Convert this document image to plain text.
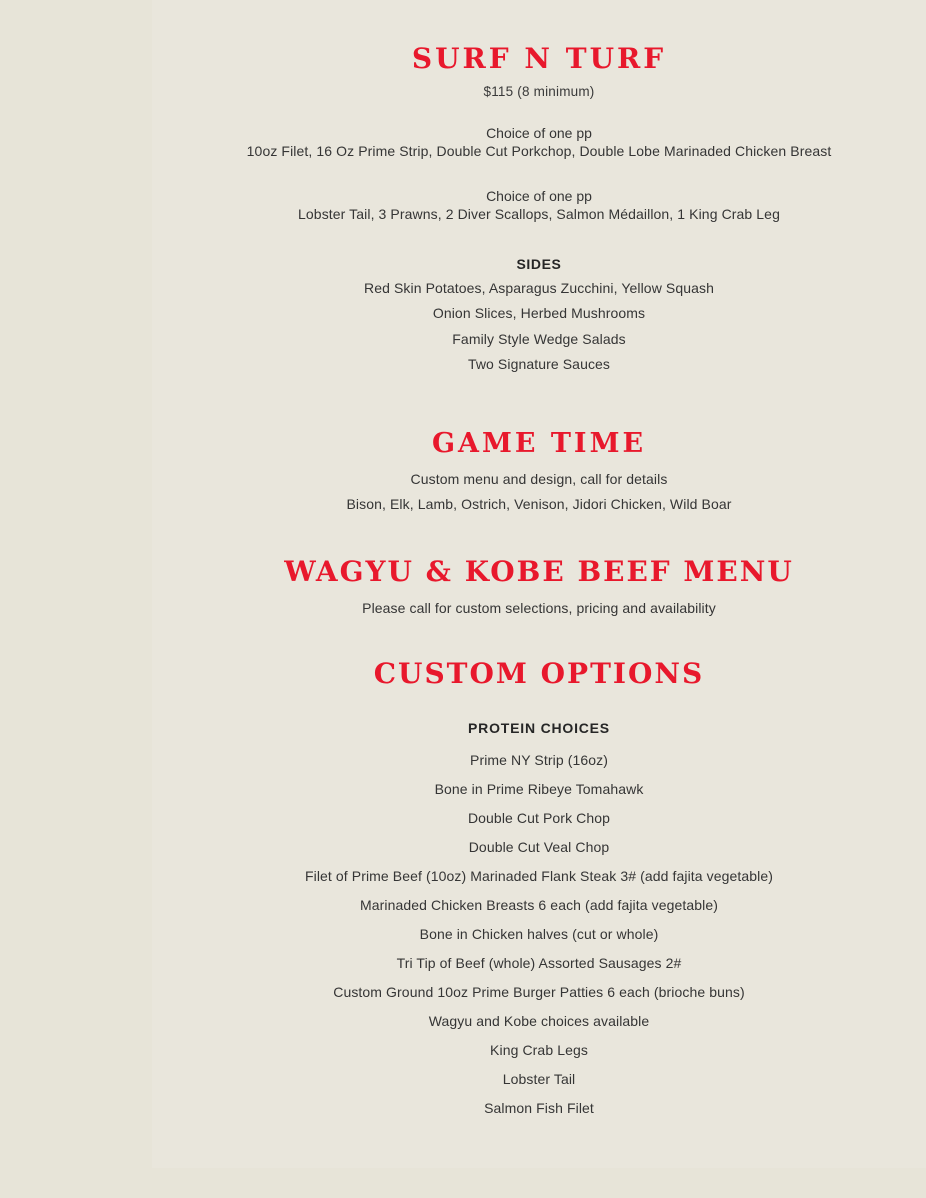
SURF N TURF
$115 (8 minimum)
Choice of one pp
10oz Filet, 16 Oz Prime Strip, Double Cut Porkchop, Double Lobe Marinaded Chicken Breast
Choice of one pp
Lobster Tail, 3 Prawns, 2 Diver Scallops, Salmon Médaillon, 1 King Crab Leg
SIDES
Red Skin Potatoes, Asparagus Zucchini, Yellow Squash
Onion Slices, Herbed Mushrooms
Family Style Wedge Salads
Two Signature Sauces
GAME TIME
Custom menu and design, call for details
Bison, Elk, Lamb, Ostrich, Venison, Jidori Chicken, Wild Boar
WAGYU & KOBE BEEF MENU
Please call for custom selections, pricing and availability
CUSTOM OPTIONS
PROTEIN CHOICES
Prime NY Strip (16oz)
Bone in Prime Ribeye Tomahawk
Double Cut Pork Chop
Double Cut Veal Chop
Filet of Prime Beef (10oz) Marinaded Flank Steak 3# (add fajita vegetable)
Marinaded Chicken Breasts 6 each (add fajita vegetable)
Bone in Chicken halves (cut or whole)
Tri Tip of Beef (whole) Assorted Sausages 2#
Custom Ground 10oz Prime Burger Patties 6 each (brioche buns)
Wagyu and Kobe choices available
King Crab Legs
Lobster Tail
Salmon Fish Filet
